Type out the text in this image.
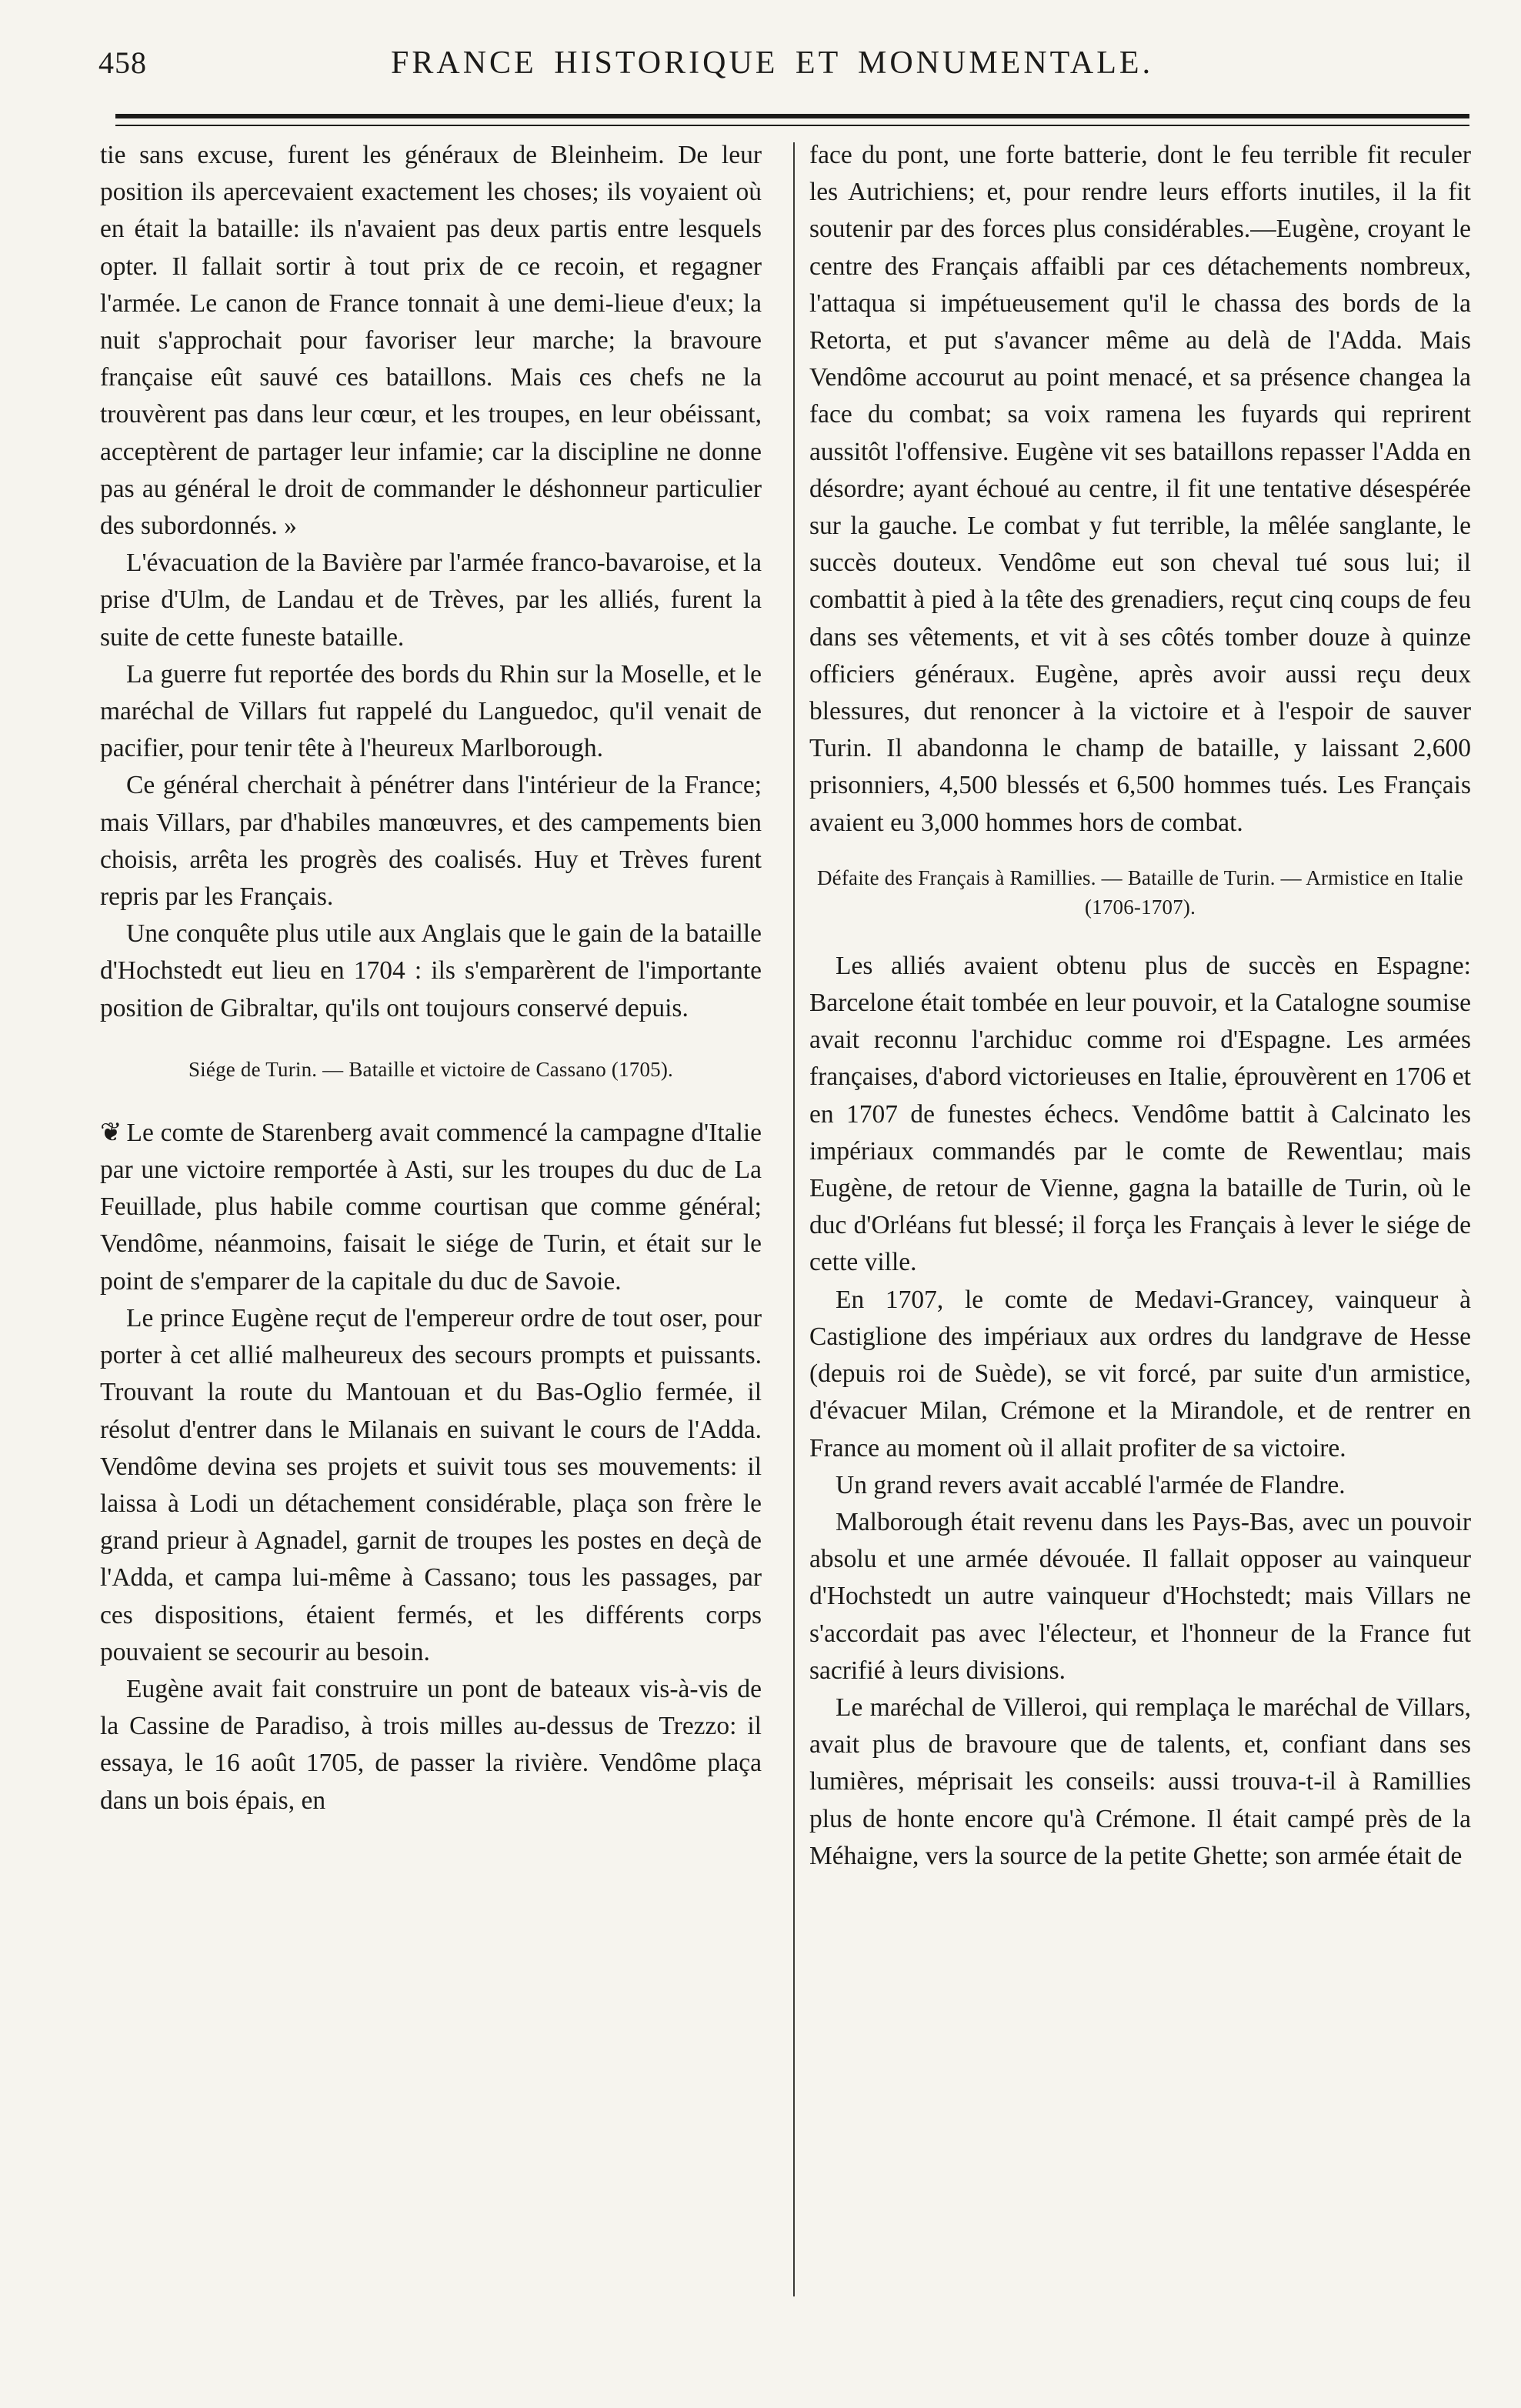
458	FRANCE HISTORIQUE ET MONUMENTALE.

tie sans excuse, furent les généraux de Bleinheim. De leur position ils apercevaient exactement les choses; ils voyaient où en était la bataille: ils n'avaient pas deux partis entre lesquels opter. Il fallait sortir à tout prix de ce recoin, et regagner l'armée. Le canon de France tonnait à une demi-lieue d'eux; la nuit s'approchait pour favoriser leur marche; la bravoure française eût sauvé ces bataillons. Mais ces chefs ne la trouvèrent pas dans leur cœur, et les troupes, en leur obéissant, acceptèrent de partager leur infamie; car la discipline ne donne pas au général le droit de commander le déshonneur particulier des subordonnés. »

L'évacuation de la Bavière par l'armée franco-bavaroise, et la prise d'Ulm, de Landau et de Trèves, par les alliés, furent la suite de cette funeste bataille.

La guerre fut reportée des bords du Rhin sur la Moselle, et le maréchal de Villars fut rappelé du Languedoc, qu'il venait de pacifier, pour tenir tête à l'heureux Marlborough.

Ce général cherchait à pénétrer dans l'intérieur de la France; mais Villars, par d'habiles manœuvres, et des campements bien choisis, arrêta les progrès des coalisés. Huy et Trèves furent repris par les Français.

Une conquête plus utile aux Anglais que le gain de la bataille d'Hochstedt eut lieu en 1704 : ils s'emparèrent de l'importante position de Gibraltar, qu'ils ont toujours conservé depuis.

Siége de Turin. — Bataille et victoire de Cassano (1705).

❦ Le comte de Starenberg avait commencé la campagne d'Italie par une victoire remportée à Asti, sur les troupes du duc de La Feuillade, plus habile comme courtisan que comme général; Vendôme, néanmoins, faisait le siége de Turin, et était sur le point de s'emparer de la capitale du duc de Savoie.

Le prince Eugène reçut de l'empereur ordre de tout oser, pour porter à cet allié malheureux des secours prompts et puissants. Trouvant la route du Mantouan et du Bas-Oglio fermée, il résolut d'entrer dans le Milanais en suivant le cours de l'Adda. Vendôme devina ses projets et suivit tous ses mouvements: il laissa à Lodi un détachement considérable, plaça son frère le grand prieur à Agnadel, garnit de troupes les postes en deçà de l'Adda, et campa lui-même à Cassano; tous les passages, par ces dispositions, étaient fermés, et les différents corps pouvaient se secourir au besoin.

Eugène avait fait construire un pont de bateaux vis-à-vis de la Cassine de Paradiso, à trois milles au-dessus de Trezzo: il essaya, le 16 août 1705, de passer la rivière. Vendôme plaça dans un bois épais, en

face du pont, une forte batterie, dont le feu terrible fit reculer les Autrichiens; et, pour rendre leurs efforts inutiles, il la fit soutenir par des forces plus considérables.—Eugène, croyant le centre des Français affaibli par ces détachements nombreux, l'attaqua si impétueusement qu'il le chassa des bords de la Retorta, et put s'avancer même au delà de l'Adda. Mais Vendôme accourut au point menacé, et sa présence changea la face du combat; sa voix ramena les fuyards qui reprirent aussitôt l'offensive. Eugène vit ses bataillons repasser l'Adda en désordre; ayant échoué au centre, il fit une tentative désespérée sur la gauche. Le combat y fut terrible, la mêlée sanglante, le succès douteux. Vendôme eut son cheval tué sous lui; il combattit à pied à la tête des grenadiers, reçut cinq coups de feu dans ses vêtements, et vit à ses côtés tomber douze à quinze officiers généraux. Eugène, après avoir aussi reçu deux blessures, dut renoncer à la victoire et à l'espoir de sauver Turin. Il abandonna le champ de bataille, y laissant 2,600 prisonniers, 4,500 blessés et 6,500 hommes tués. Les Français avaient eu 3,000 hommes hors de combat.

Défaite des Français à Ramillies. — Bataille de Turin. — Armistice en Italie (1706-1707).

Les alliés avaient obtenu plus de succès en Espagne: Barcelone était tombée en leur pouvoir, et la Catalogne soumise avait reconnu l'archiduc comme roi d'Espagne. Les armées françaises, d'abord victorieuses en Italie, éprouvèrent en 1706 et en 1707 de funestes échecs. Vendôme battit à Calcinato les impériaux commandés par le comte de Rewentlau; mais Eugène, de retour de Vienne, gagna la bataille de Turin, où le duc d'Orléans fut blessé; il força les Français à lever le siége de cette ville.

En 1707, le comte de Medavi-Grancey, vainqueur à Castiglione des impériaux aux ordres du landgrave de Hesse (depuis roi de Suède), se vit forcé, par suite d'un armistice, d'évacuer Milan, Crémone et la Mirandole, et de rentrer en France au moment où il allait profiter de sa victoire.

Un grand revers avait accablé l'armée de Flandre.

Malborough était revenu dans les Pays-Bas, avec un pouvoir absolu et une armée dévouée. Il fallait opposer au vainqueur d'Hochstedt un autre vainqueur d'Hochstedt; mais Villars ne s'accordait pas avec l'électeur, et l'honneur de la France fut sacrifié à leurs divisions.

Le maréchal de Villeroi, qui remplaça le maréchal de Villars, avait plus de bravoure que de talents, et, confiant dans ses lumières, méprisait les conseils: aussi trouva-t-il à Ramillies plus de honte encore qu'à Crémone. Il était campé près de la Méhaigne, vers la source de la petite Ghette; son armée était de
